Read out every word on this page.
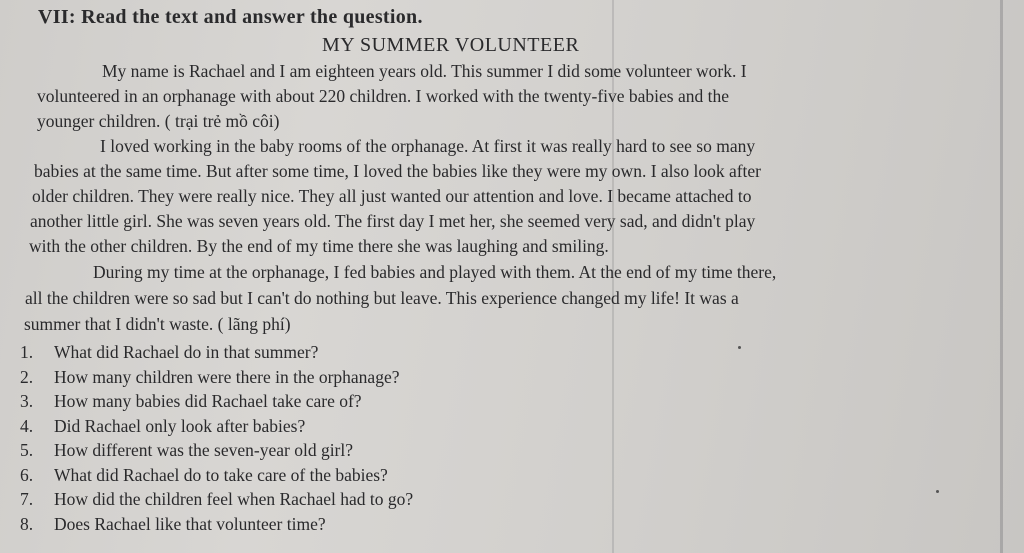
VII: Read the text and answer the question.
MY SUMMER VOLUNTEER
My name is Rachael and I am eighteen years old. This summer I did some volunteer work. I
volunteered in an orphanage with about 220 children. I worked with the twenty-five babies and the
younger children. ( trại trẻ mồ côi)
I loved working in the baby rooms of the orphanage. At first it was really hard to see so many
babies at the same time. But after some time, I loved the babies like they were my own. I also look after
older children. They were really nice. They all just wanted our attention and love. I became attached to
another little girl. She was seven years old. The first day I met her, she seemed very sad, and didn't play
with the other children. By the end of my time there she was laughing and smiling.
During my time at the orphanage, I fed babies and played with them. At the end of my time there,
all the children were so sad but I can't do nothing but leave. This experience changed my life! It was a
summer that I didn't waste. ( lãng phí)
1. What did Rachael do in that summer?
2. How many children were there in the orphanage?
3. How many babies did Rachael take care of?
4. Did Rachael only look after babies?
5. How different was the seven-year old girl?
6. What did Rachael do to take care of the babies?
7. How did the children feel when Rachael had to go?
8. Does Rachael like that volunteer time?
